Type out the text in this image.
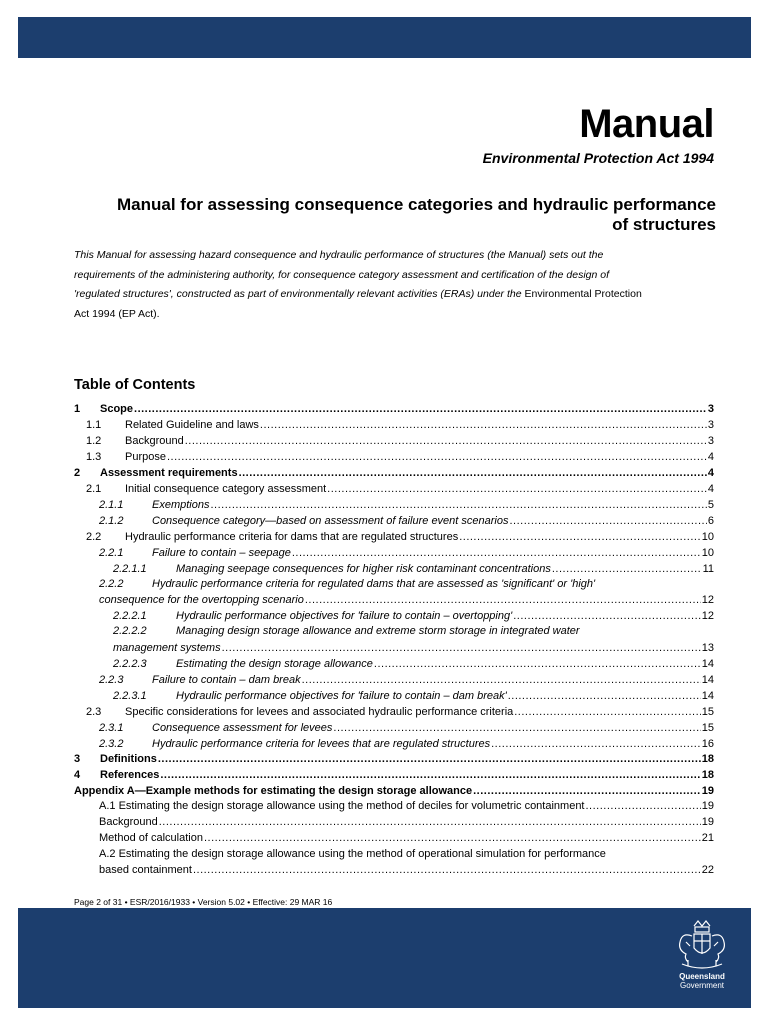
Manual
Environmental Protection Act 1994
Manual for assessing consequence categories and hydraulic performance
of structures
This Manual for assessing hazard consequence and hydraulic performance of structures (the Manual) sets out the
requirements of the administering authority, for consequence category assessment and certification of the design of
'regulated structures', constructed as part of environmentally relevant activities (ERAs) under the Environmental Protection
Act 1994 (EP Act).
Table of Contents
1	Scope .....	3
1.1	Related Guideline and laws .....	3
1.2	Background .....	3
1.3	Purpose .....	4
2	Assessment requirements .....	4
2.1	Initial consequence category assessment .....	4
2.1.1	Exemptions .....	5
2.1.2	Consequence category—based on assessment of failure event scenarios .....	6
2.2	Hydraulic performance criteria for dams that are regulated structures .....	10
2.2.1	Failure to contain – seepage .....	10
2.2.1.1	Managing seepage consequences for higher risk contaminant concentrations .....	11
2.2.2	Hydraulic performance criteria for regulated dams that are assessed as 'significant' or 'high'
consequence for the overtopping scenario .....	12
2.2.2.1	Hydraulic performance objectives for 'failure to contain – overtopping' .....	12
2.2.2.2	Managing design storage allowance and extreme storm storage in integrated water
management systems .....	13
2.2.2.3	Estimating the design storage allowance .....	14
2.2.3	Failure to contain – dam break .....	14
2.2.3.1	Hydraulic performance objectives for 'failure to contain – dam break' .....	14
2.3	Specific considerations for levees and associated hydraulic performance criteria .....	15
2.3.1	Consequence assessment for levees .....	15
2.3.2	Hydraulic performance criteria for levees that are regulated structures .....	16
3	Definitions .....	18
4	References .....	18
Appendix A—Example methods for estimating the design storage allowance .....	19
A.1 Estimating the design storage allowance using the method of deciles for volumetric containment .....	19
Background .....	19
Method of calculation .....	21
A.2 Estimating the design storage allowance using the method of operational simulation for performance
based containment .....	22
Page 2 of 31 • ESR/2016/1933 • Version 5.02 • Effective: 29 MAR 16
Queensland
Government
